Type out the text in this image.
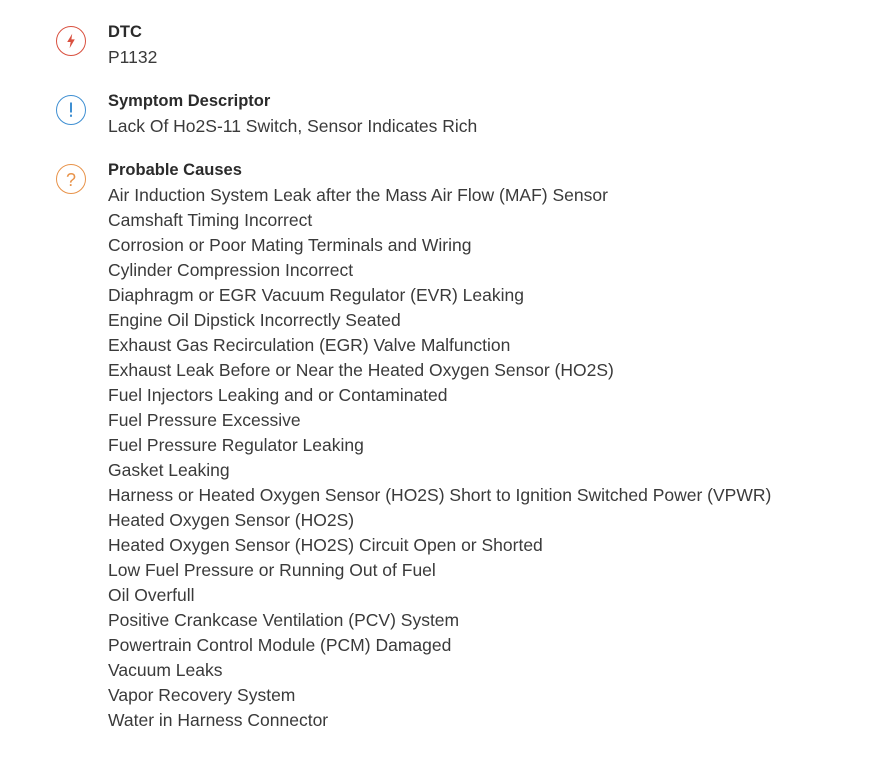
DTC
P1132
Symptom Descriptor
Lack Of Ho2S-11 Switch, Sensor Indicates Rich
? Probable Causes
Air Induction System Leak after the Mass Air Flow (MAF) Sensor
Camshaft Timing Incorrect
Corrosion or Poor Mating Terminals and Wiring
Cylinder Compression Incorrect
Diaphragm or EGR Vacuum Regulator (EVR) Leaking
Engine Oil Dipstick Incorrectly Seated
Exhaust Gas Recirculation (EGR) Valve Malfunction
Exhaust Leak Before or Near the Heated Oxygen Sensor (HO2S)
Fuel Injectors Leaking and or Contaminated
Fuel Pressure Excessive
Fuel Pressure Regulator Leaking
Gasket Leaking
Harness or Heated Oxygen Sensor (HO2S) Short to Ignition Switched Power (VPWR)
Heated Oxygen Sensor (HO2S)
Heated Oxygen Sensor (HO2S) Circuit Open or Shorted
Low Fuel Pressure or Running Out of Fuel
Oil Overfull
Positive Crankcase Ventilation (PCV) System
Powertrain Control Module (PCM) Damaged
Vacuum Leaks
Vapor Recovery System
Water in Harness Connector
